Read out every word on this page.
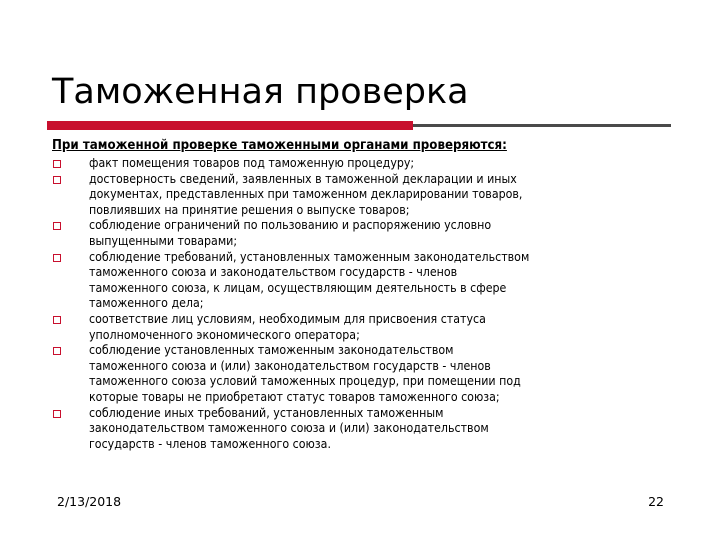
Таможенная проверка

При таможенной проверке таможенными органами проверяются:

факт помещения товаров под таможенную процедуру;
достоверность сведений, заявленных в таможенной декларации и иных
документах, представленных при таможенном декларировании товаров,
повлиявших на принятие решения о выпуске товаров;
соблюдение ограничений по пользованию и распоряжению условно
выпущенными товарами;
соблюдение требований, установленных таможенным законодательством
таможенного союза и законодательством государств - членов
таможенного союза, к лицам, осуществляющим деятельность в сфере
таможенного дела;
соответствие лиц условиям, необходимым для присвоения статуса
уполномоченного экономического оператора;
соблюдение установленных таможенным законодательством
таможенного союза и (или) законодательством государств - членов
таможенного союза условий таможенных процедур, при помещении под
которые товары не приобретают статус товаров таможенного союза;
соблюдение иных требований, установленных таможенным
законодательством таможенного союза и (или) законодательством
государств - членов таможенного союза.
2/13/2018	22
